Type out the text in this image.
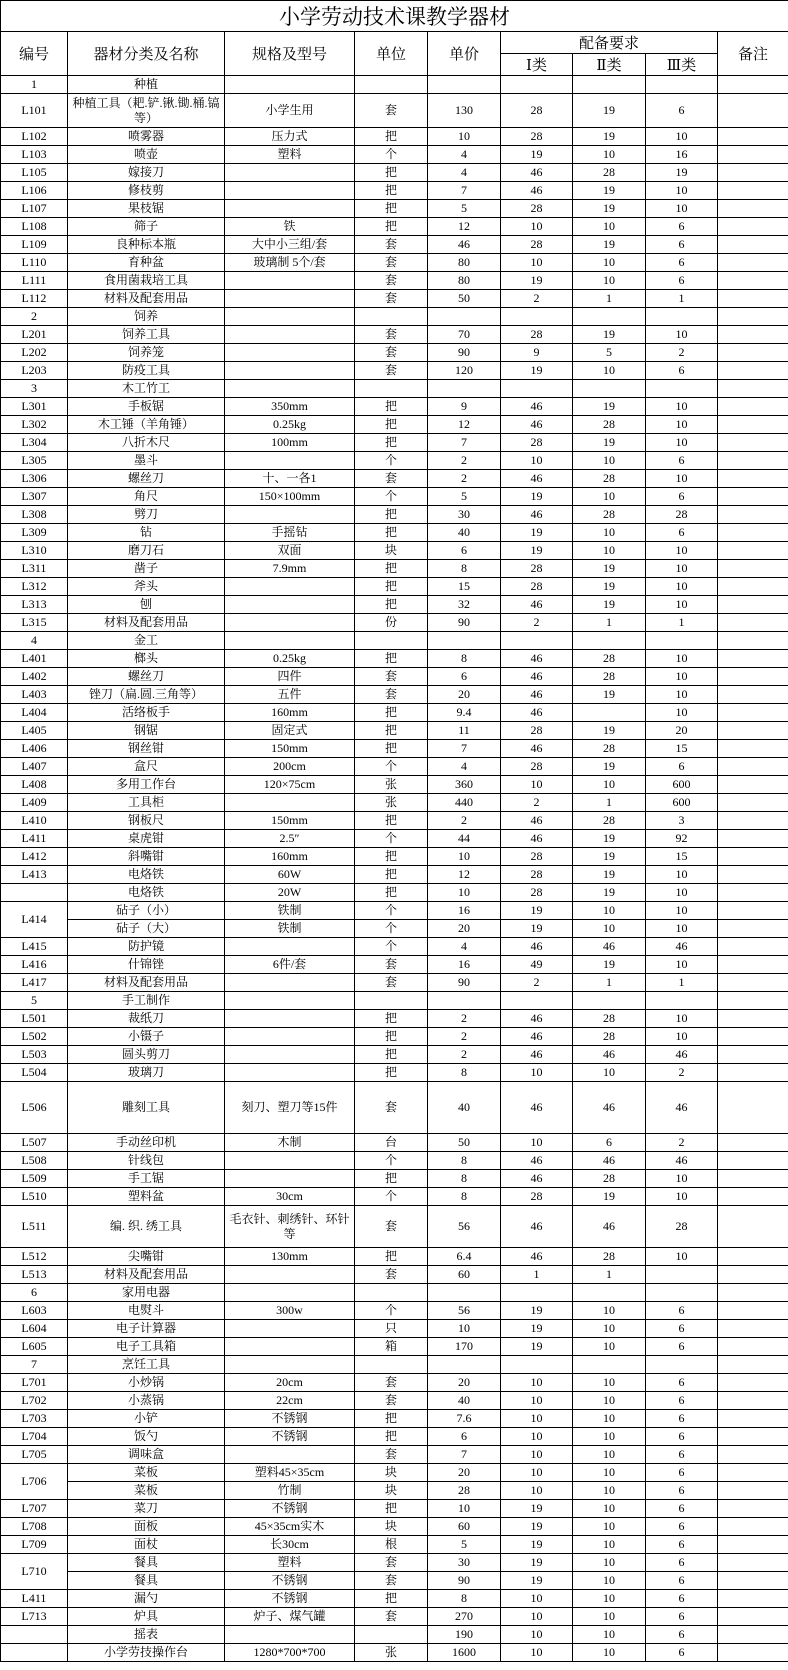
小学劳动技术课教学器材								
编号	器材分类及名称	规格及型号	单位	单价	配备要求			备注
					Ⅰ类	Ⅱ类	Ⅲ类	
1	种植							
L101	种植工具（耙.铲.锹.锄.桶.镐等）	小学生用	套	130	28	19	6	
L102	喷雾器	压力式	把	10	28	19	10	
L103	喷壶	塑料	个	4	19	10	16	
L105	嫁接刀		把	4	46	28	19	
L106	修枝剪		把	7	46	19	10	
L107	果枝锯		把	5	28	19	10	
L108	筛子	铁	把	12	10	10	6	
L109	良种标本瓶	大中小三组/套	套	46	28	19	6	
L110	育种盆	玻璃制 5个/套	套	80	10	10	6	
L111	食用菌栽培工具		套	80	19	10	6	
L112	材料及配套用品		套	50	2	1	1	
2	饲养							
L201	饲养工具		套	70	28	19	10	
L202	饲养笼		套	90	9	5	2	
L203	防疫工具		套	120	19	10	6	
3	木工竹工							
L301	手板锯	350mm	把	9	46	19	10	
L302	木工锤（羊角锤）	0.25kg	把	12	46	28	10	
L304	八折木尺	100mm	把	7	28	19	10	
L305	墨斗		个	2	10	10	6	
L306	螺丝刀	十、一各1	套	2	46	28	10	
L307	角尺	150×100mm	个	5	19	10	6	
L308	劈刀		把	30	46	28	28	
L309	钻	手摇钻	把	40	19	10	6	
L310	磨刀石	双面	块	6	19	10	10	
L311	凿子	7.9mm	把	8	28	19	10	
L312	斧头		把	15	28	19	10	
L313	刨		把	32	46	19	10	
L315	材料及配套用品		份	90	2	1	1	
4	金工							
L401	榔头	0.25kg	把	8	46	28	10	
L402	螺丝刀	四件	套	6	46	28	10	
L403	锉刀（扁.圆.三角等）	五件	套	20	46	19	10	
L404	活络板手	160mm	把	9.4	46		10	
L405	钢锯	固定式	把	11	28	19	20	
L406	钢丝钳	150mm	把	7	46	28	15	
L407	盒尺	200cm	个	4	28	19	6	
L408	多用工作台	120×75cm	张	360	10	10	600	
L409	工具柜		张	440	2	1	600	
L410	钢板尺	150mm	把	2	46	28	3	
L411	桌虎钳	2.5″	个	44	46	19	92	
L412	斜嘴钳	160mm	把	10	28	19	15	
L413	电烙铁	60W	把	12	28	19	10	
	电烙铁	20W	把	10	28	19	10	
L414	砧子（小）	铁制	个	16	19	10	10	
	砧子（大）	铁制	个	20	19	10	10	
L415	防护镜		个	4	46	46	46	
L416	什锦锉	6件/套	套	16	49	19	10	
L417	材料及配套用品		套	90	2	1	1	
5	手工制作							
L501	裁纸刀		把	2	46	28	10	
L502	小镊子		把	2	46	28	10	
L503	圆头剪刀		把	2	46	46	46	
L504	玻璃刀		把	8	10	10	2	
L506	雕刻工具	刻刀、塑刀等15件	套	40	46	46	46	
L507	手动丝印机	木制	台	50	10	6	2	
L508	针线包		个	8	46	46	46	
L509	手工锯		把	8	46	28	10	
L510	塑料盆	30cm	个	8	28	19	10	
L511	编. 织. 绣工具	毛衣针、刺绣针、环针等	套	56	46	46	28	
L512	尖嘴钳	130mm	把	6.4	46	28	10	
L513	材料及配套用品		套	60	1	1		
6	家用电器							
L603	电熨斗	300w	个	56	19	10	6	
L604	电子计算器		只	10	19	10	6	
L605	电子工具箱		箱	170	19	10	6	
7	烹饪工具							
L701	小炒锅	20cm	套	20	10	10	6	
L702	小蒸锅	22cm	套	40	10	10	6	
L703	小铲	不锈钢	把	7.6	10	10	6	
L704	饭勺	不锈钢	把	6	10	10	6	
L705	调味盒		套	7	10	10	6	
L706	菜板	塑料45×35cm	块	20	10	10	6	
	菜板	竹制	块	28	10	10	6	
L707	菜刀	不锈钢	把	10	19	10	6	
L708	面板	45×35cm实木	块	60	19	10	6	
L709	面杖	长30cm	根	5	19	10	6	
L710	餐具	塑料	套	30	19	10	6	
	餐具	不锈钢	套	90	19	10	6	
L411	漏勺	不锈钢	把	8	10	10	6	
L713	炉具	炉子、煤气罐	套	270	10	10	6	
	摇表			190	10	10	6	
	小学劳技操作台	1280*700*700	张	1600	10	10	6	
